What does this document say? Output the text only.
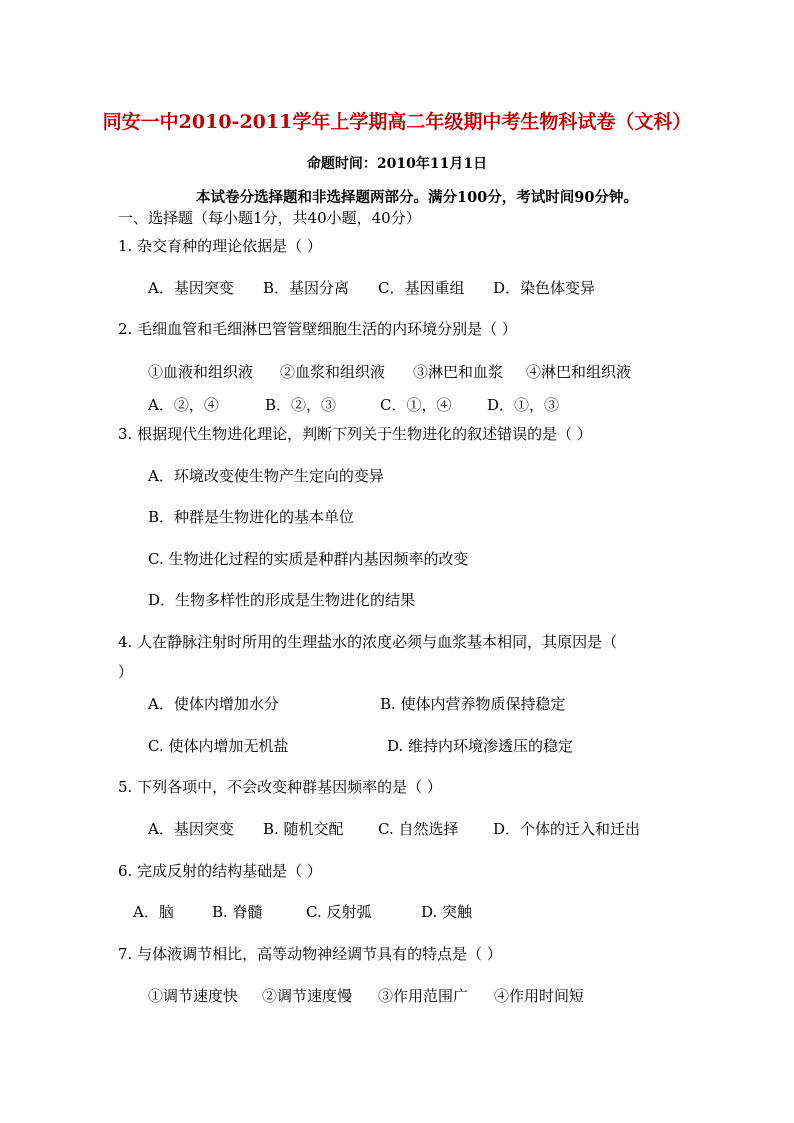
同安一中2010-2011学年上学期高二年级期中考生物科试卷（文科）
命题时间：2010年11月1日
本试卷分选择题和非选择题两部分。满分100分，考试时间90分钟。
一、选择题（每小题1分，共40小题，40分）
1. 杂交育种的理论依据是（ ）
A．基因突变 B．基因分离 C．基因重组 D．染色体变异
2. 毛细血管和毛细淋巴管管壁细胞生活的内环境分别是（ ）
①血液和组织液 ②血浆和组织液 ③淋巴和血浆 ④淋巴和组织液
A．②，④	B．②，③	C．①，④ D．①，③
3. 根据现代生物进化理论，判断下列关于生物进化的叙述错误的是（ ）
A．环境改变使生物产生定向的变异
B．种群是生物进化的基本单位
C. 生物进化过程的实质是种群内基因频率的改变
D．生物多样性的形成是生物进化的结果
4. 人在静脉注射时所用的生理盐水的浓度必须与血浆基本相同，其原因是（
）
A．使体内增加水分	B. 使体内营养物质保持稳定
C. 使体内增加无机盐	D. 维持内环境渗透压的稳定
5. 下列各项中，不会改变种群基因频率的是（ ）
A．基因突变 B. 随机交配 C. 自然选择 D．个体的迁入和迁出
6. 完成反射的结构基础是（ ）
A．脑	B. 脊髓	C. 反射弧	D. 突触
7. 与体液调节相比，高等动物神经调节具有的特点是（ ）
①调节速度快 ②调节速度慢 ③作用范围广 ④作用时间短
